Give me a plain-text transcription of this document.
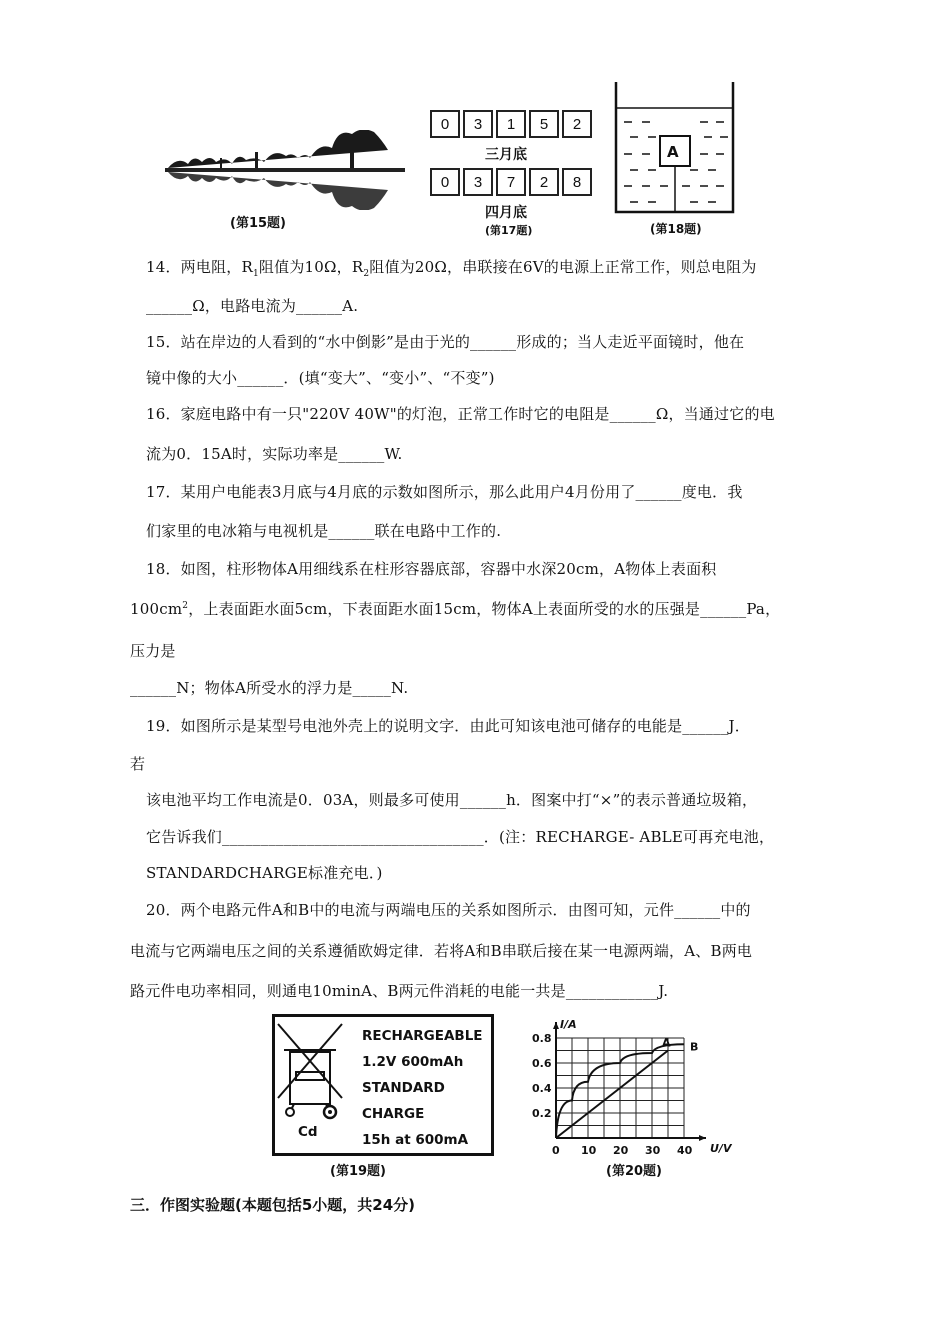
(第15题)
0	3	1	5	2
三月底
0	3	7	2	8
四月底
(第17题)
A
(第18题)
14．两电阻，$R_1$阻值为10Ω，$R_2$阻值为20Ω，串联接在6V的电源上正常工作，则总电阻为
______Ω，电路电流为______A.
15．站在岸边的人看到的“水中倒影”是由于光的______形成的；当人走近平面镜时，他在
镜中像的大小______．(填“变大”、“变小”、“不变”)
16．家庭电路中有一只"220V 40W"的灯泡，正常工作时它的电阻是______Ω，当通过它的电
流为0．15A时，实际功率是______W.
17．某用户电能表3月底与4月底的示数如图所示，那么此用户4月份用了______度电．我
们家里的电冰箱与电视机是______联在电路中工作的.
18．如图，柱形物体A用细线系在柱形容器底部，容器中水深20cm，A物体上表面积
$100cm^2$，上表面距水面5cm，下表面距水面15cm，物体A上表面所受的水的压强是______Pa，
压力是
______N；物体A所受水的浮力是_____N.
19．如图所示是某型号电池外壳上的说明文字．由此可知该电池可储存的电能是______J．
若
该电池平均工作电流是0．03A，则最多可使用______h．图案中打“×”的表示普通垃圾箱，
它告诉我们__________________________________．(注：RECHARGE- ABLE可再充电池，
STANDARDCHARGE标准充电．)
20．两个电路元件A和B中的电流与两端电压的关系如图所示．由图可知，元件______中的
电流与它两端电压之间的关系遵循欧姆定律．若将A和B串联后接在某一电源两端，A、B两电
路元件电功率相同，则通电10minA、B两元件消耗的电能一共是____________J.
Cd
RECHARGEABLE
1.2V 600mAh
STANDARD
CHARGE
15h at 600mA
(第19题)
0 10 20 30 40
0.2
0.4
0.6
0.8
U/V
I/A
A B
(第20题)
三．作图实验题(本题包括5小题，共24分)
